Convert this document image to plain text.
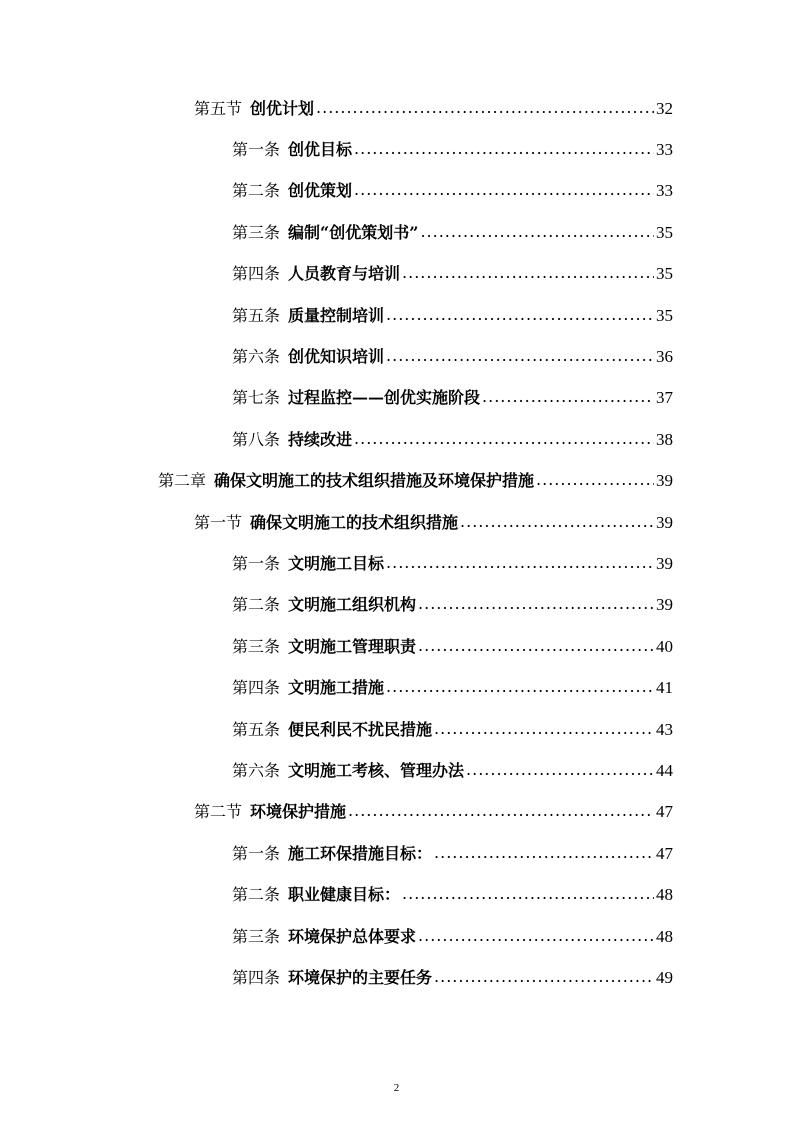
第五节 创优计划 .....	32
第一条 创优目标 .....	33
第二条 创优策划 .....	33
第三条 编制“创优策划书” .....	35
第四条 人员教育与培训 .....	35
第五条 质量控制培训 .....	35
第六条 创优知识培训 .....	36
第七条 过程监控——创优实施阶段 .....	37
第八条 持续改进 .....	38
第二章 确保文明施工的技术组织措施及环境保护措施 .....	39
第一节 确保文明施工的技术组织措施 .....	39
第一条 文明施工目标 .....	39
第二条 文明施工组织机构 .....	39
第三条 文明施工管理职责 .....	40
第四条 文明施工措施 .....	41
第五条 便民利民不扰民措施 .....	43
第六条 文明施工考核、管理办法 .....	44
第二节 环境保护措施 .....	47
第一条 施工环保措施目标： .....	47
第二条 职业健康目标： .....	48
第三条 环境保护总体要求 .....	48
第四条 环境保护的主要任务 .....	49
2
